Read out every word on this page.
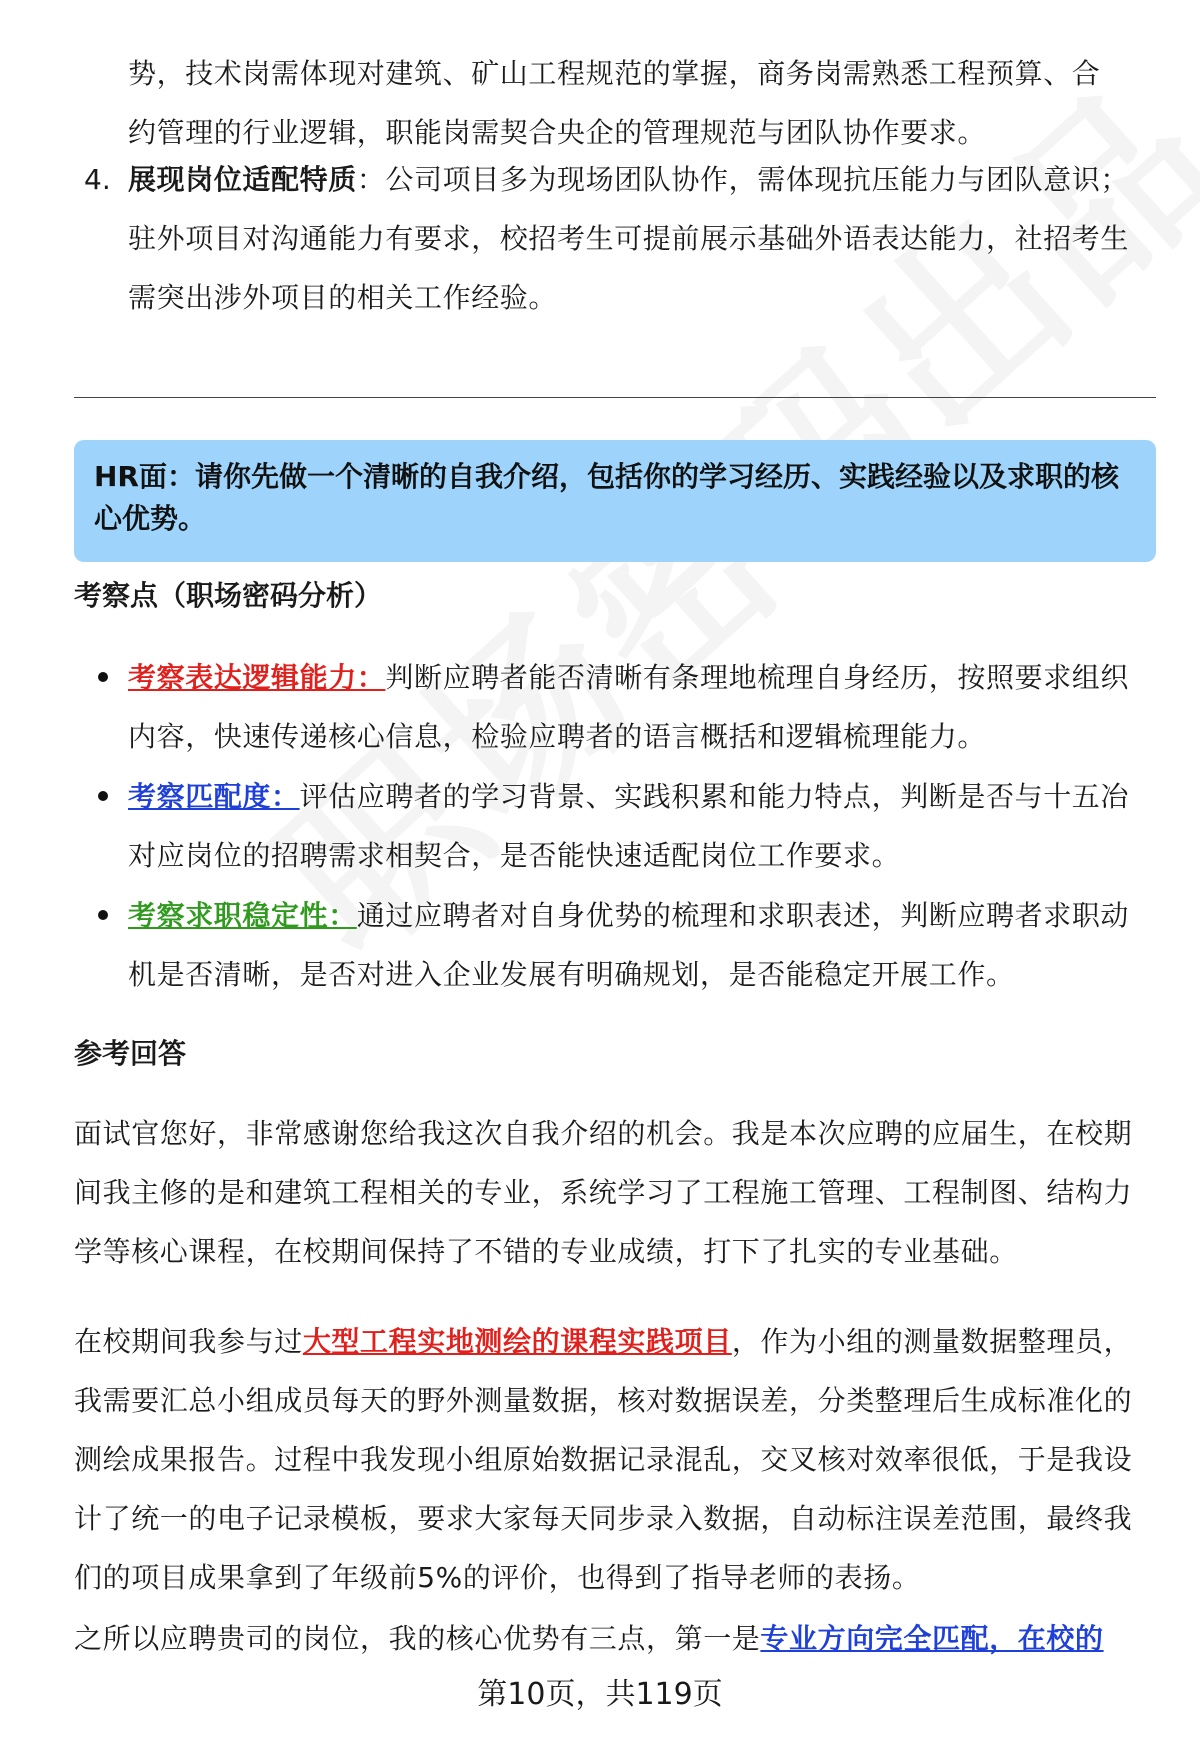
势，技术岗需体现对建筑、矿山工程规范的掌握，商务岗需熟悉工程预算、合
约管理的行业逻辑，职能岗需契合央企的管理规范与团队协作要求。

4. 展现岗位适配特质：公司项目多为现场团队协作，需体现抗压能力与团队意识；驻外项目对沟通能力有要求，校招考生可提前展示基础外语表达能力，社招考生需突出涉外项目的相关工作经验。

HR面：请你先做一个清晰的自我介绍，包括你的学习经历、实践经验以及求职的核心优势。
考察点（职场密码分析）

考察表达逻辑能力：判断应聘者能否清晰有条理地梳理自身经历，按照要求组织内容，快速传递核心信息，检验应聘者的语言概括和逻辑梳理能力。

考察匹配度：评估应聘者的学习背景、实践积累和能力特点，判断是否与十五冶对应岗位的招聘需求相契合，是否能快速适配岗位工作要求。

考察求职稳定性：通过应聘者对自身优势的梳理和求职表述，判断应聘者求职动机是否清晰，是否对进入企业发展有明确规划，是否能稳定开展工作。

参考回答

面试官您好，非常感谢您给我这次自我介绍的机会。我是本次应聘的应届生，在校期间我主修的是和建筑工程相关的专业，系统学习了工程施工管理、工程制图、结构力学等核心课程，在校期间保持了不错的专业成绩，打下了扎实的专业基础。

在校期间我参与过大型工程实地测绘的课程实践项目，作为小组的测量数据整理员，我需要汇总小组成员每天的野外测量数据，核对数据误差，分类整理后生成标准化的测绘成果报告。过程中我发现小组原始数据记录混乱，交叉核对效率很低，于是我设计了统一的电子记录模板，要求大家每天同步录入数据，自动标注误差范围，最终我们的项目成果拿到了年级前5%的评价，也得到了指导老师的表扬。

之所以应聘贵司的岗位，我的核心优势有三点，第一是专业方向完全匹配，在校的

第10页，共119页
